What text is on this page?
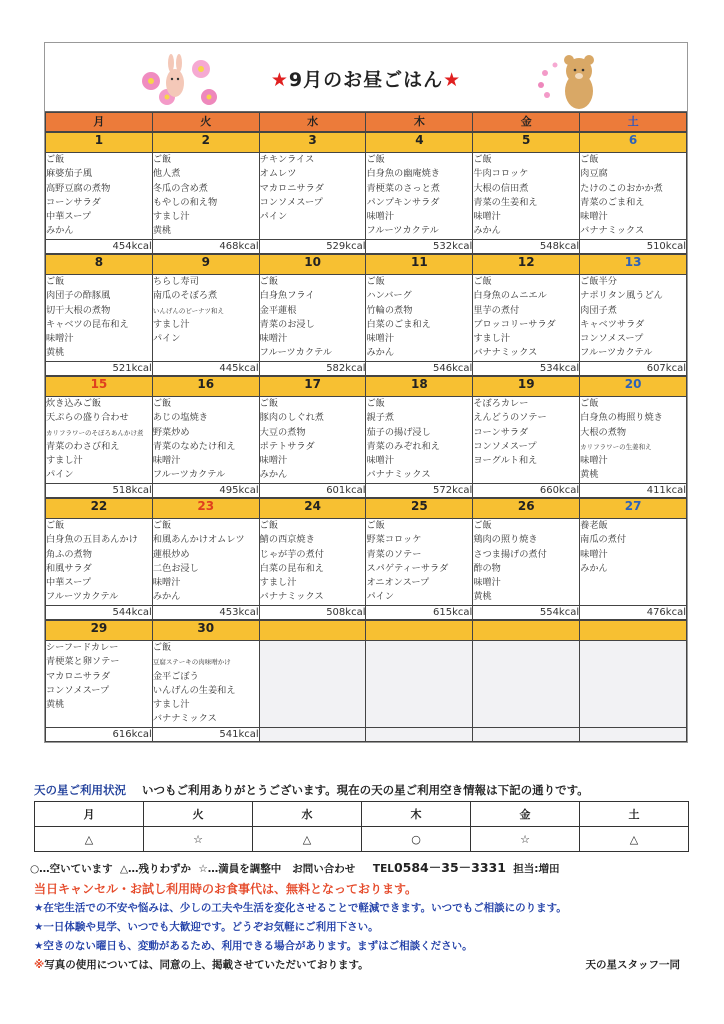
★9月のお昼ごはん★
月	火	水	木	金	土
1	2	3	4	5	6

ご飯
麻婆茄子風
高野豆腐の煮物
コーンサラダ
中華スープ
みかん

ご飯
他人煮
冬瓜の含め煮
もやしの和え物
すまし汁
黄桃

チキンライス
オムレツ
マカロニサラダ
コンソメスープ
パイン

ご飯
白身魚の幽庵焼き
青梗菜のさっと煮
パンプキンサラダ
味噌汁
フルーツカクテル

ご飯
牛肉コロッケ
大根の信田煮
青菜の生姜和え
味噌汁
みかん

ご飯
肉豆腐
たけのこのおかか煮
青菜のごま和え
味噌汁
バナナミックス

454kcal	468kcal	529kcal	532kcal	548kcal	510kcal
8	9	10	11	12	13

ご飯
肉団子の酢豚風
切干大根の煮物
キャベツの昆布和え
味噌汁
黄桃

ちらし寿司
南瓜のそぼろ煮
いんげんのピーナツ和え
すまし汁
パイン

ご飯
白身魚フライ
金平蓮根
青菜のお浸し
味噌汁
フルーツカクテル

ご飯
ハンバーグ
竹輪の煮物
白菜のごま和え
味噌汁
みかん

ご飯
白身魚のムニエル
里芋の煮付
ブロッコリーサラダ
すまし汁
バナナミックス

ご飯半分
ナポリタン風うどん
肉団子煮
キャベツサラダ
コンソメスープ
フルーツカクテル

521kcal	445kcal	582kcal	546kcal	534kcal	607kcal
15	16	17	18	19	20

炊き込みご飯
天ぷらの盛り合わせ
カリフラワーのそぼろあんかけ煮
青菜のわさび和え
すまし汁
パイン

ご飯
あじの塩焼き
野菜炒め
青菜のなめたけ和え
味噌汁
フルーツカクテル

ご飯
豚肉のしぐれ煮
大豆の煮物
ポテトサラダ
味噌汁
みかん

ご飯
親子煮
茄子の揚げ浸し
青菜のみぞれ和え
味噌汁
バナナミックス

そぼろカレー
えんどうのソテー
コーンサラダ
コンソメスープ
ヨーグルト和え

ご飯
白身魚の梅照り焼き
大根の煮物
カリフラワーの生姜和え
味噌汁
黄桃

518kcal	495kcal	601kcal	572kcal	660kcal	411kcal
22	23	24	25	26	27

ご飯
白身魚の五目あんかけ
角ふの煮物
和風サラダ
中華スープ
フルーツカクテル

ご飯
和風あんかけオムレツ
蓮根炒め
二色お浸し
味噌汁
みかん

ご飯
鯖の西京焼き
じゃが芋の煮付
白菜の昆布和え
すまし汁
バナナミックス

ご飯
野菜コロッケ
青菜のソテー
スパゲティーサラダ
オニオンスープ
パイン

ご飯
鶏肉の照り焼き
さつま揚げの煮付
酢の物
味噌汁
黄桃

養老飯
南瓜の煮付
味噌汁
みかん

544kcal	453kcal	508kcal	615kcal	554kcal	476kcal
29	30				

シーフードカレー
青梗菜と卵ソテー
マカロニサラダ
コンソメスープ
黄桃

ご飯
豆腐ステーキの肉味噌かけ
金平ごぼう
いんげんの生姜和え
すまし汁
バナナミックス

616kcal	541kcal				
天の星ご利用状況 いつもご利用ありがとうございます。現在の天の星ご利用空き情報は下記の通りです。
月	火	水	木	金	土
△	☆	△	○	☆	△
○…空いています △…残りわずか ☆…満員を調整中 お問い合わせ TEL0584－35－3331 担当:増田
当日キャンセル・お試し利用時のお食事代は、無料となっております。
★在宅生活での不安や悩みは、少しの工夫や生活を変化させることで軽減できます。いつでもご相談にのります。
★一日体験や見学、いつでも大歓迎です。どうぞお気軽にご利用下さい。
★空きのない曜日も、変動があるため、利用できる場合があります。まずはご相談ください。
※写真の使用については、同意の上、掲載させていただいております。	天の星スタッフ一同
